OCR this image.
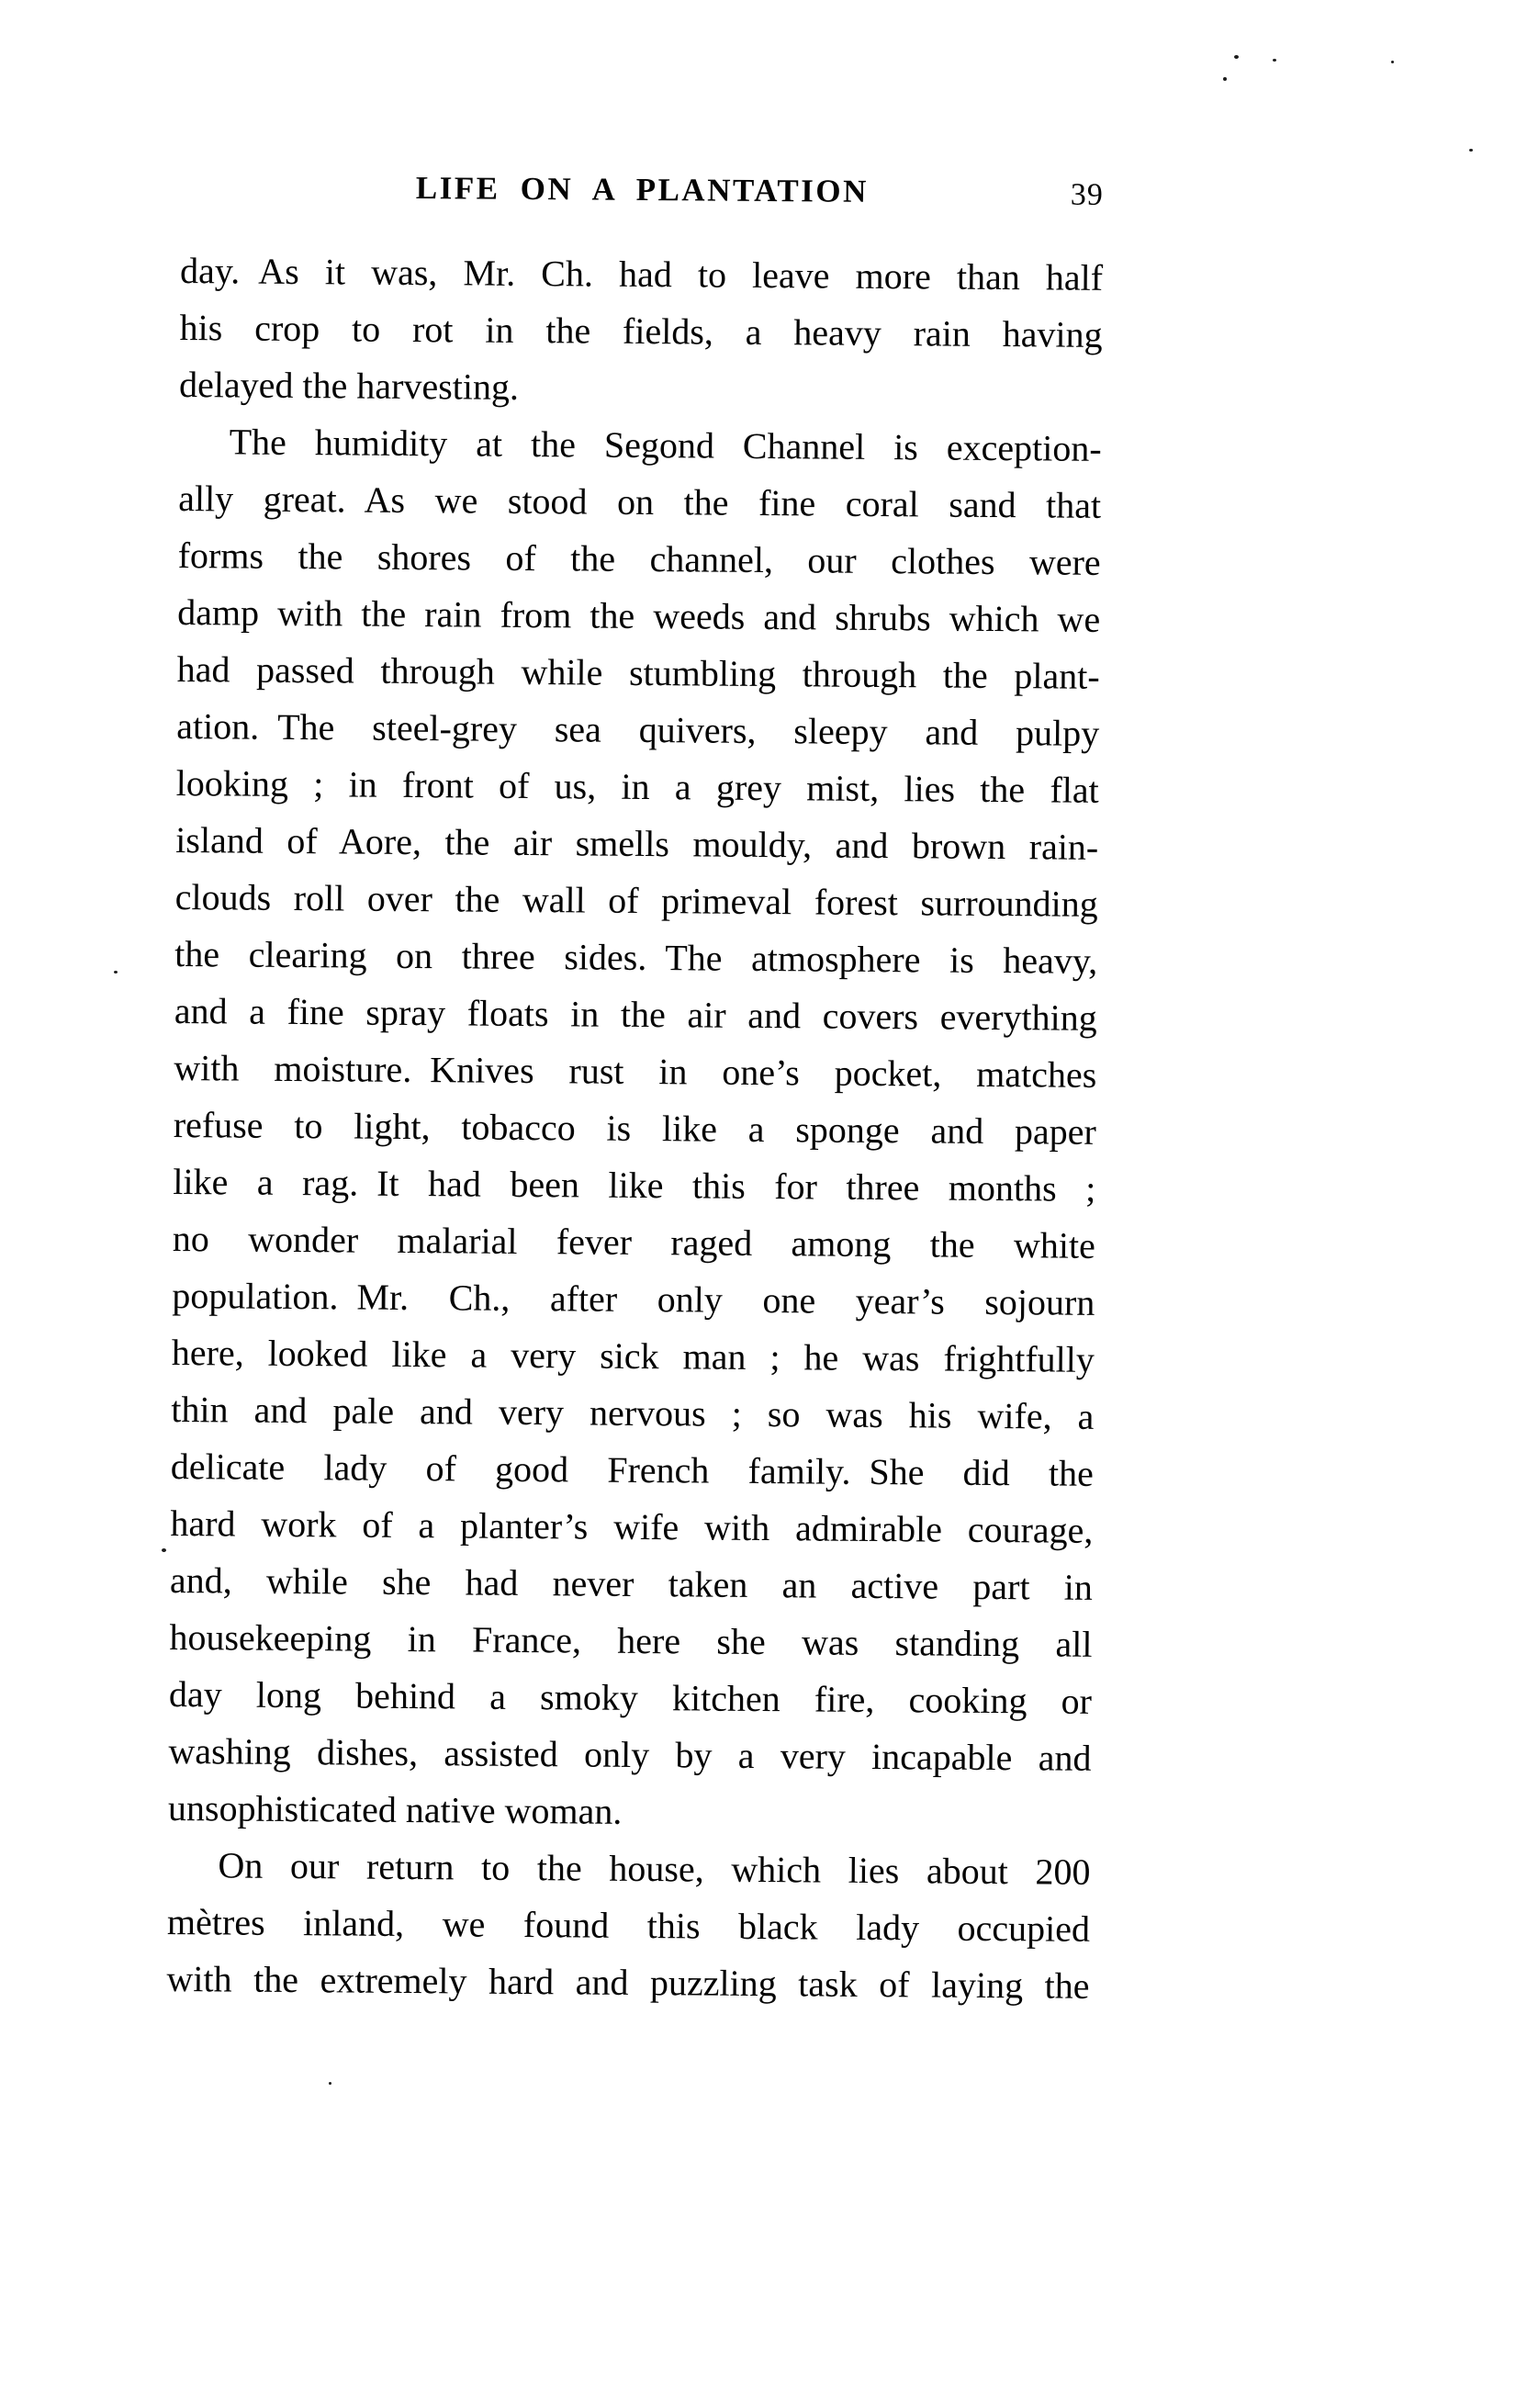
LIFE ON A PLANTATION	39
day. As it was, Mr. Ch. had to leave more than half
his crop to rot in the fields, a heavy rain having
delayed the harvesting.
The humidity at the Segond Channel is exception-
ally great. As we stood on the fine coral sand that
forms the shores of the channel, our clothes were
damp with the rain from the weeds and shrubs which we
had passed through while stumbling through the plant-
ation. The steel-grey sea quivers, sleepy and pulpy
looking ; in front of us, in a grey mist, lies the flat
island of Aore, the air smells mouldy, and brown rain-
clouds roll over the wall of primeval forest surrounding
the clearing on three sides. The atmosphere is heavy,
and a fine spray floats in the air and covers everything
with moisture. Knives rust in one’s pocket, matches
refuse to light, tobacco is like a sponge and paper
like a rag. It had been like this for three months ;
no wonder malarial fever raged among the white
population. Mr. Ch., after only one year’s sojourn
here, looked like a very sick man ; he was frightfully
thin and pale and very nervous ; so was his wife, a
delicate lady of good French family. She did the
hard work of a planter’s wife with admirable courage,
and, while she had never taken an active part in
housekeeping in France, here she was standing all
day long behind a smoky kitchen fire, cooking or
washing dishes, assisted only by a very incapable and
unsophisticated native woman.
On our return to the house, which lies about 200
mètres inland, we found this black lady occupied
with the extremely hard and puzzling task of laying the
